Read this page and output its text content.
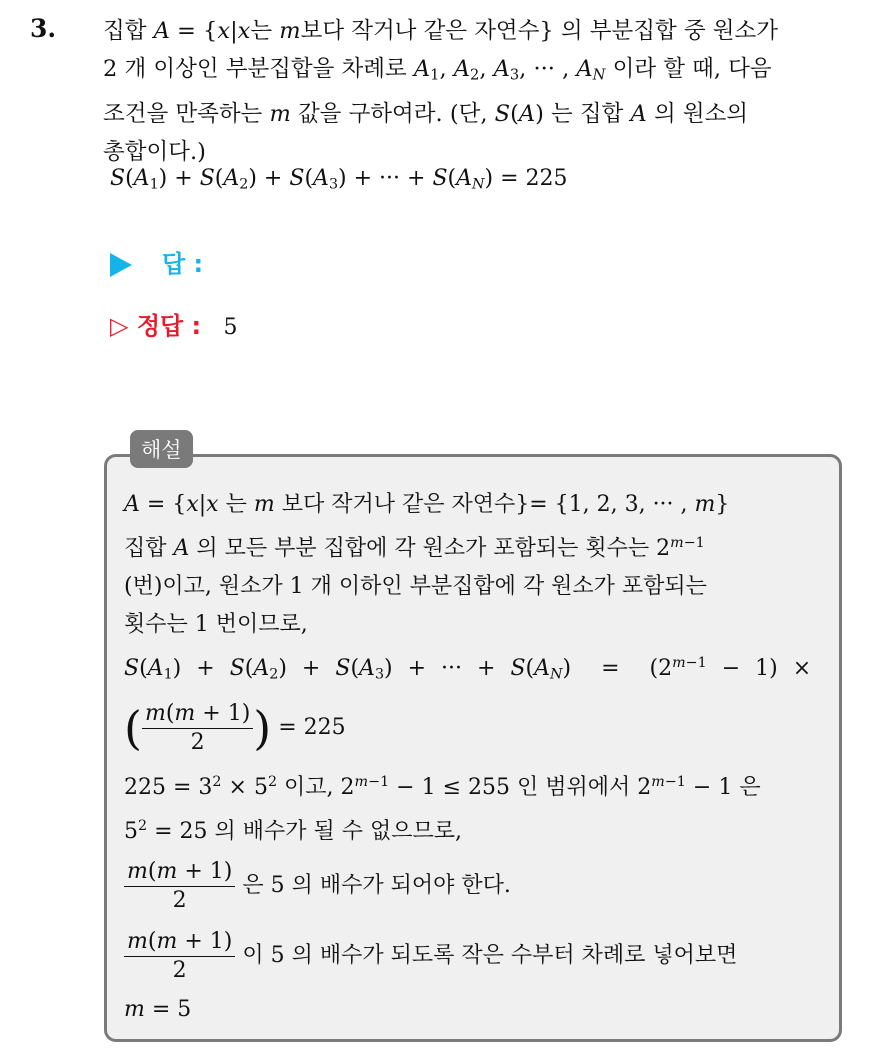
3. 집합 A = {x|x는 m보다 작거나 같은 자연수} 의 부분집합 중 원소가
2 개 이상인 부분집합을 차례로 $A_1$, $A_2$, $A_3$, ··· , $A_N$ 이라 할 때, 다음
조건을 만족하는 m 값을 구하여라. (단, S(A) 는 집합 A 의 원소의
총합이다.)
$S(A_1) + S(A_2) + S(A_3)$ + ··· + $S(A_N) = 225$
답 :
▷ 정답 : 5
해설
A = {x|x 는 m 보다 작거나 같은 자연수}= {1, 2, 3, ··· , m}
집합 A 의 모든 부분 집합에 각 원소가 포함되는 횟수는 $2^{m-1}$
(번)이고, 원소가 1 개 이하인 부분집합에 각 원소가 포함되는
횟수는 1 번이므로,
$S(A_1) + S(A_2) + S(A_3)$ + ··· + $S(A_N) = (2^{m-1} - 1)$ ×
( $\frac{m(m + 1)}{2}$ ) = 225
$225 = 3^2 \times 5^2$ 이고, $2^{m-1} - 1 \le 255$ 인 범위에서 $2^{m-1} - 1$ 은
$5^2 = 25$ 의 배수가 될 수 없으므로,
$\frac{m(m + 1)}{2}$ 은 5 의 배수가 되어야 한다.
$\frac{m(m + 1)}{2}$ 이 5 의 배수가 되도록 작은 수부터 차례로 넣어보면
m = 5
